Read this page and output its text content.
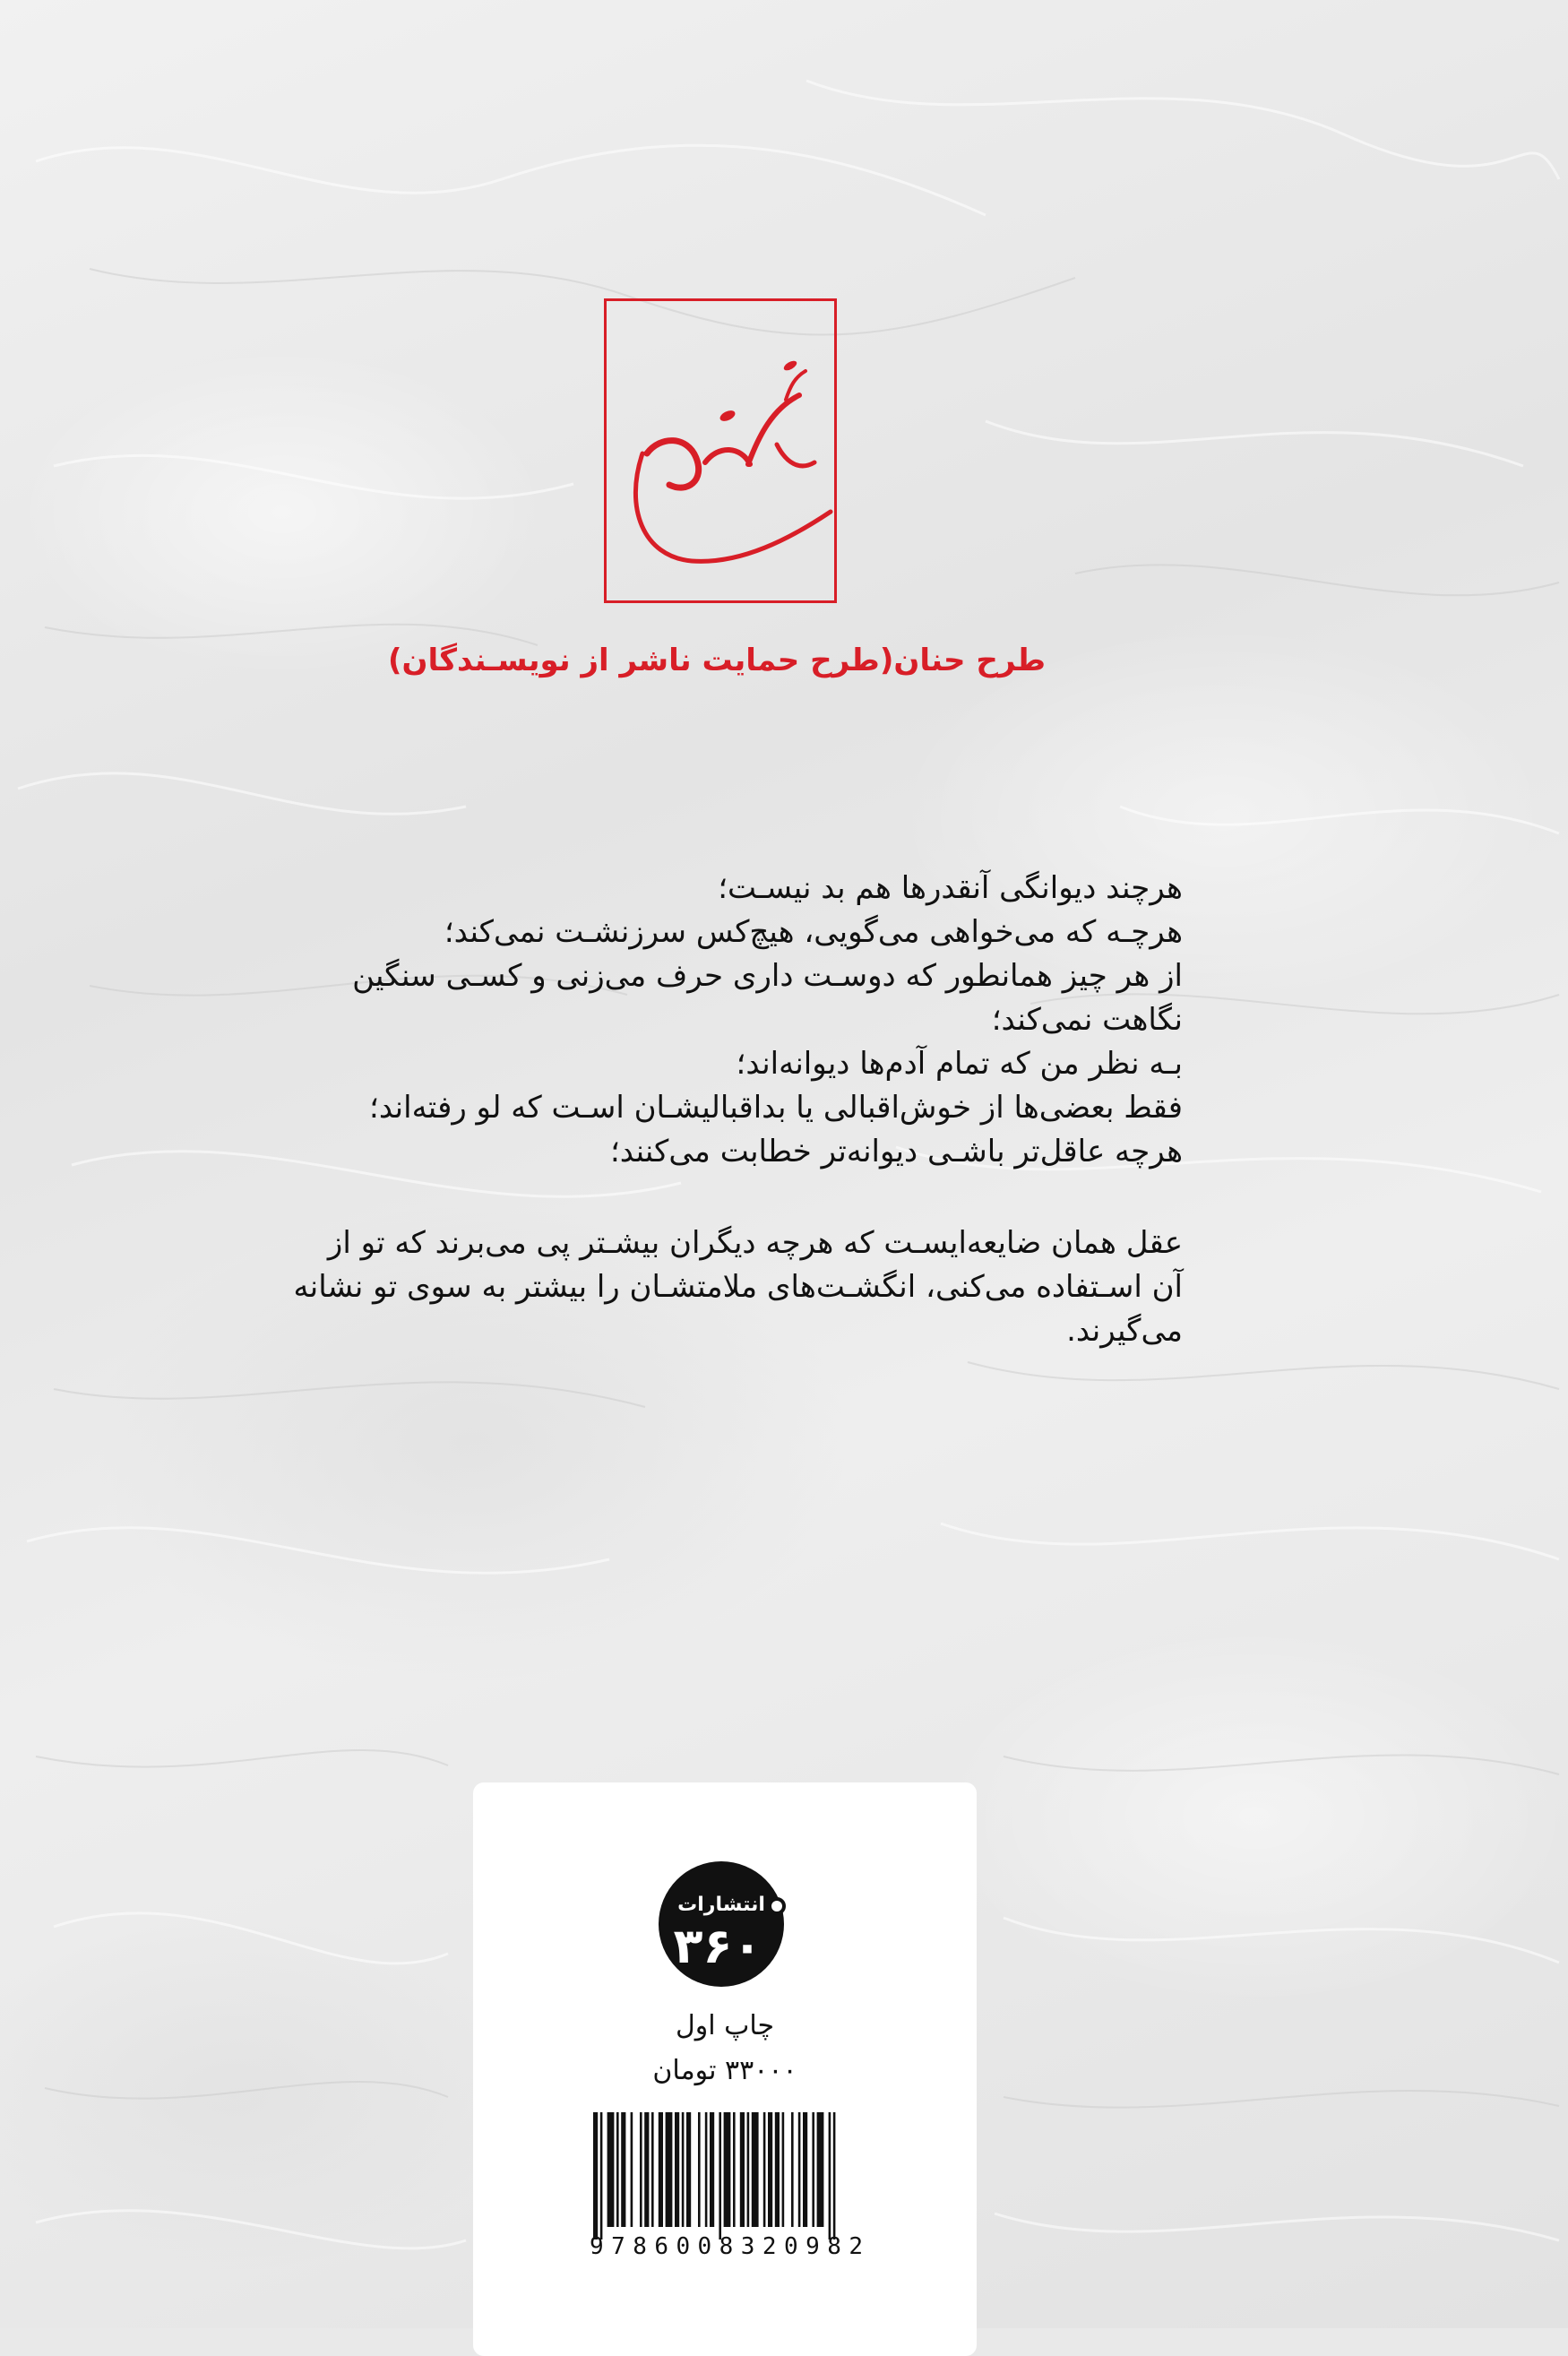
طرح حنان(طرح حمایت ناشر از نویسـندگان)
هرچند دیوانگی آنقدرها هم بد نیسـت؛
هرچـه که می‌خواهی می‌گویی، هیچ‌کس سرزنشـت نمی‌کند؛
از هر چیز همانطور که دوسـت داری حرف می‌زنی و کسـی سنگین
نگاهت نمی‌کند؛
بـه نظر من که تمام آدم‌ها دیوانه‌اند؛
فقط بعضی‌ها از خوش‌اقبالی یا بداقبالیشـان اسـت که لو رفته‌اند؛
هرچه عاقل‌تر باشـی دیوانه‌تر خطابت می‌کنند؛
عقل همان ضایعه‌ایسـت که هرچه دیگران بیشـتر پی می‌برند که تو از
آن اسـتفاده می‌کنی، انگشـت‌های ملامتشـان را بیشتر به سوی تو نشانه
می‌گیرند.
انتشارات
۳۶۰
چاپ اول
۳۳۰۰۰ تومان
9 7 8 6 0 0 8 3 2 0 9 8 2
